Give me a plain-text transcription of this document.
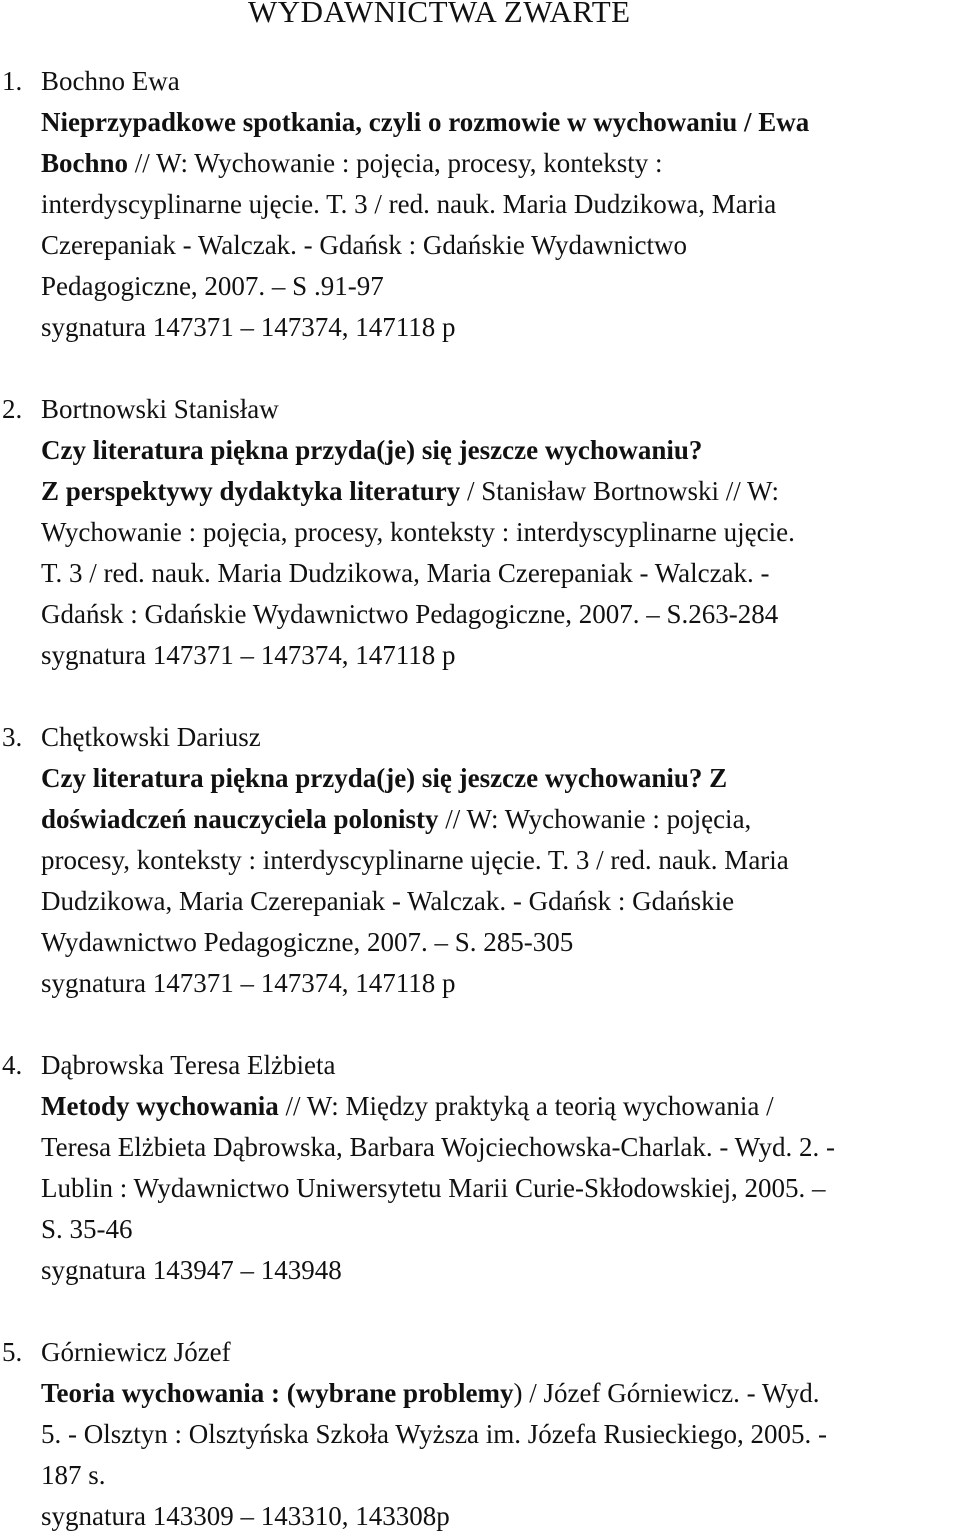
WYDAWNICTWA ZWARTE
1. Bochno Ewa
Nieprzypadkowe spotkania, czyli o rozmowie w wychowaniu / Ewa
Bochno // W: Wychowanie : pojęcia, procesy, konteksty :
interdyscyplinarne ujęcie. T. 3 / red. nauk. Maria Dudzikowa, Maria
Czerepaniak - Walczak. - Gdańsk : Gdańskie Wydawnictwo
Pedagogiczne, 2007. – S .91-97
sygnatura 147371 – 147374, 147118 p
2. Bortnowski Stanisław
Czy literatura piękna przyda(je) się jeszcze wychowaniu?
Z perspektywy dydaktyka literatury / Stanisław Bortnowski // W:
Wychowanie : pojęcia, procesy, konteksty : interdyscyplinarne ujęcie.
T. 3 / red. nauk. Maria Dudzikowa, Maria Czerepaniak - Walczak. -
Gdańsk : Gdańskie Wydawnictwo Pedagogiczne, 2007. – S.263-284
sygnatura 147371 – 147374, 147118 p
3. Chętkowski Dariusz
Czy literatura piękna przyda(je) się jeszcze wychowaniu? Z
doświadczeń nauczyciela polonisty // W: Wychowanie : pojęcia,
procesy, konteksty : interdyscyplinarne ujęcie. T. 3 / red. nauk. Maria
Dudzikowa, Maria Czerepaniak - Walczak. - Gdańsk : Gdańskie
Wydawnictwo Pedagogiczne, 2007. – S. 285-305
sygnatura 147371 – 147374, 147118 p
4. Dąbrowska Teresa Elżbieta
Metody wychowania // W: Między praktyką a teorią wychowania /
Teresa Elżbieta Dąbrowska, Barbara Wojciechowska-Charlak. - Wyd. 2. -
Lublin : Wydawnictwo Uniwersytetu Marii Curie-Skłodowskiej, 2005. –
S. 35-46
sygnatura 143947 – 143948
5. Górniewicz Józef
Teoria wychowania : (wybrane problemy) / Józef Górniewicz. - Wyd.
5. - Olsztyn : Olsztyńska Szkoła Wyższa im. Józefa Rusieckiego, 2005. -
187 s.
sygnatura 143309 – 143310, 143308p
